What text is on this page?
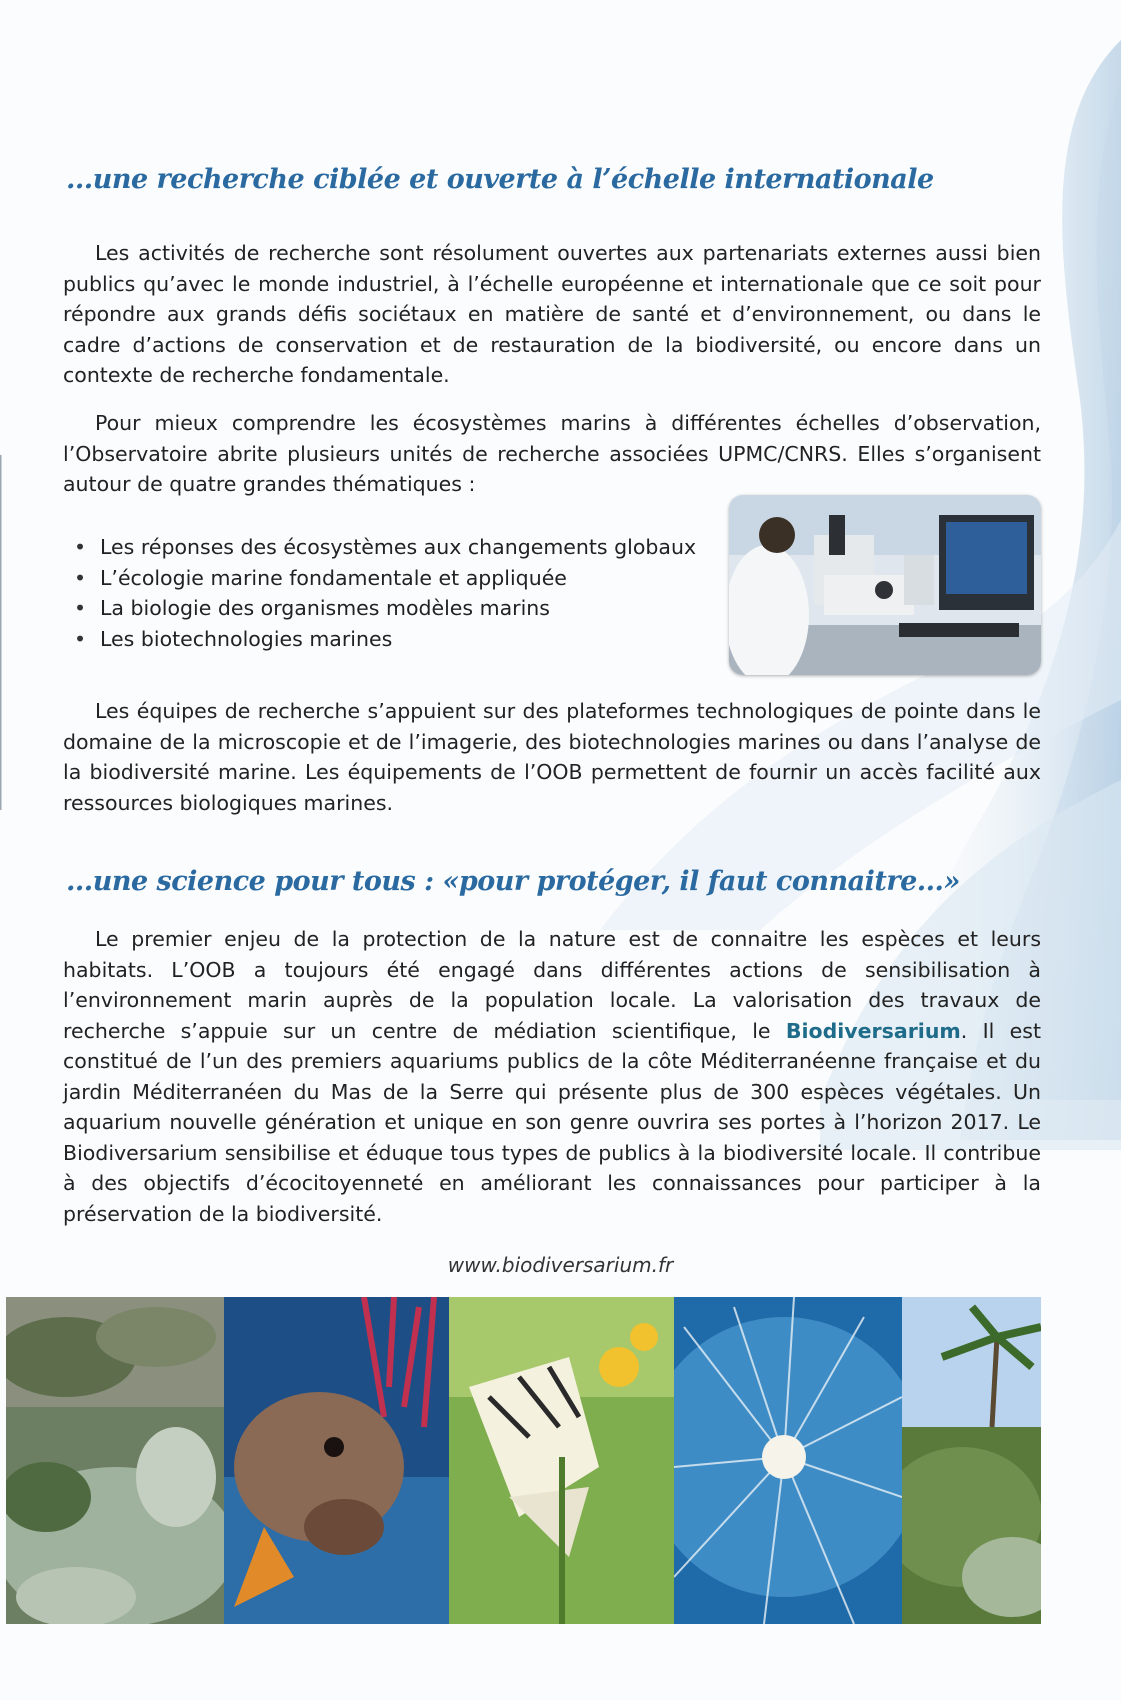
...une recherche ciblée et ouverte à l’échelle internationale

Les activités de recherche sont résolument ouvertes aux partenariats externes aussi bien publics qu’avec le monde industriel, à l’échelle européenne et internationale que ce soit pour répondre aux grands défis sociétaux en matière de santé et d’environnement, ou dans le cadre d’actions de conservation et de restauration de la biodiversité, ou encore dans un contexte de recherche fondamentale.

Pour mieux comprendre les écosystèmes marins à différentes échelles d’observation, l’Observatoire abrite plusieurs unités de recherche associées UPMC/CNRS. Elles s’organisent autour de quatre grandes thématiques :

• Les réponses des écosystèmes aux changements globaux
• L’écologie marine fondamentale et appliquée
• La biologie des organismes modèles marins
• Les biotechnologies marines

Les équipes de recherche s’appuient sur des plateformes technologiques de pointe dans le domaine de la microscopie et de l’imagerie, des biotechnologies marines ou dans l’analyse de la biodiversité marine. Les équipements de l’OOB permettent de fournir un accès facilité aux ressources biologiques marines.

...une science pour tous : «pour protéger, il faut connaitre...»

Le premier enjeu de la protection de la nature est de connaitre les espèces et leurs habitats. L’OOB a toujours été engagé dans différentes actions de sensibilisation à l’environnement marin auprès de la population locale. La valorisation des travaux de recherche s’appuie sur un centre de médiation scientifique, le Biodiversarium. Il est constitué de l’un des premiers aquariums publics de la côte Méditerranéenne française et du jardin Méditerranéen du Mas de la Serre qui présente plus de 300 espèces végétales. Un aquarium nouvelle génération et unique en son genre ouvrira ses portes à l’horizon 2017. Le Biodiversarium sensibilise et éduque tous types de publics à la biodiversité locale. Il contribue à des objectifs d’écocitoyenneté en améliorant les connaissances pour participer à la préservation de la biodiversité.

www.biodiversarium.fr
